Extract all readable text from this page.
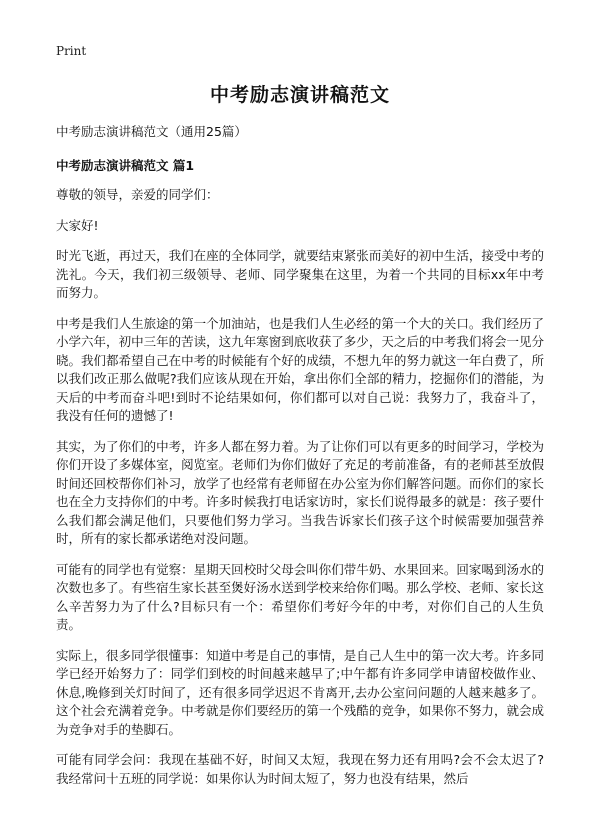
Print
中考励志演讲稿范文

中考励志演讲稿范文（通用25篇）

中考励志演讲稿范文 篇1

尊敬的领导，亲爱的同学们：

大家好!

时光飞逝，再过天，我们在座的全体同学，就要结束紧张而美好的初中生活，接受中考的洗礼。今天，我们初三级领导、老师、同学聚集在这里，为着一个共同的目标xx年中考而努力。

中考是我们人生旅途的第一个加油站，也是我们人生必经的第一个大的关口。我们经历了小学六年，初中三年的苦读，这九年寒窗到底收获了多少，天之后的中考我们将会一见分晓。我们都希望自己在中考的时候能有个好的成绩，不想九年的努力就这一年白费了，所以我们改正那么做呢?我们应该从现在开始，拿出你们全部的精力，挖掘你们的潜能，为天后的中考而奋斗吧!到时不论结果如何，你们都可以对自己说：我努力了，我奋斗了，我没有任何的遗憾了!

其实，为了你们的中考，许多人都在努力着。为了让你们可以有更多的时间学习，学校为你们开设了多媒体室，阅览室。老师们为你们做好了充足的考前准备，有的老师甚至放假时间还回校帮你们补习，放学了也经常有老师留在办公室为你们解答问题。而你们的家长也在全力支持你们的中考。许多时候我打电话家访时，家长们说得最多的就是：孩子要什么我们都会满足他们，只要他们努力学习。当我告诉家长们孩子这个时候需要加强营养时，所有的家长都承诺绝对没问题。

可能有的同学也有觉察：星期天回校时父母会叫你们带牛奶、水果回来。回家喝到汤水的次数也多了。有些宿生家长甚至煲好汤水送到学校来给你们喝。那么学校、老师、家长这么辛苦努力为了什么?目标只有一个：希望你们考好今年的中考，对你们自己的人生负责。

实际上，很多同学很懂事：知道中考是自己的事情，是自己人生中的第一次大考。许多同学已经开始努力了：同学们到校的时间越来越早了;中午都有许多同学申请留校做作业、休息,晚修到关灯时间了，还有很多同学迟迟不肯离开,去办公室问问题的人越来越多了。这个社会充满着竞争。中考就是你们要经历的第一个残酷的竞争，如果你不努力，就会成为竞争对手的垫脚石。

可能有同学会问：我现在基础不好，时间又太短，我现在努力还有用吗?会不会太迟了?我经常问十五班的同学说：如果你认为时间太短了，努力也没有结果，然后
